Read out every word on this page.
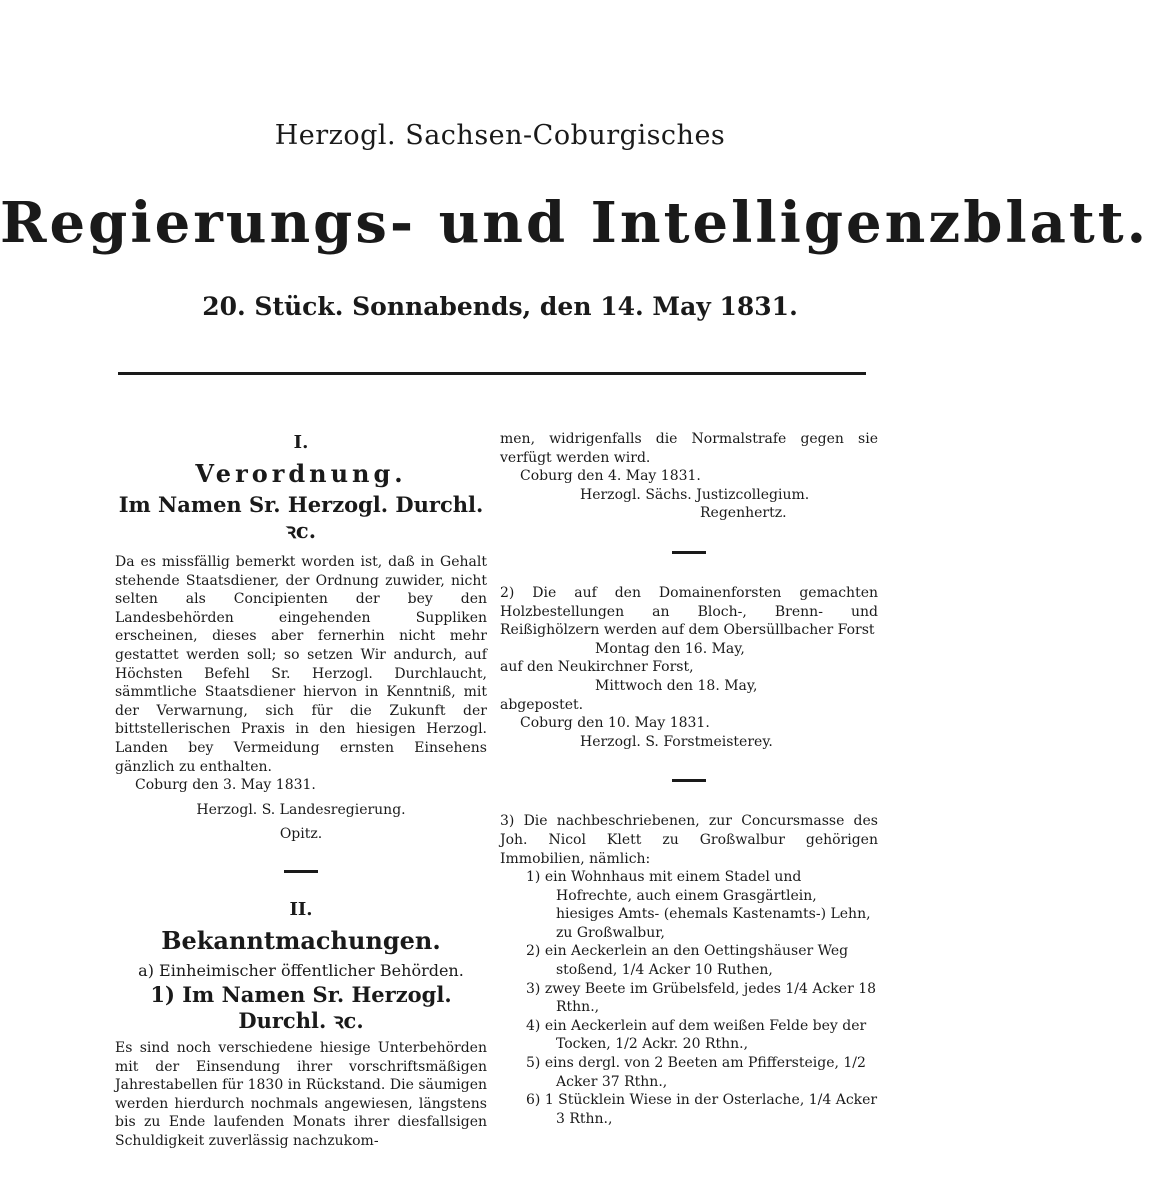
Herzogl. Sachsen-Coburgisches
Regierungs- und Intelligenzblatt.
20. Stück. Sonnabends, den 14. May 1831.

I.

Verordnung.

Im Namen Sr. Herzogl. Durchl. ꝛc.

Da es missfällig bemerkt worden ist, daß in Gehalt stehende Staatsdiener, der Ordnung zuwider, nicht selten als Concipienten der bey den Landesbehörden eingehenden Suppliken erscheinen, dieses aber fernerhin nicht mehr gestattet werden soll; so setzen Wir andurch, auf Höchsten Befehl Sr. Herzogl. Durchlaucht, sämmtliche Staatsdiener hiervon in Kenntniß, mit der Verwarnung, sich für die Zukunft der bittstellerischen Praxis in den hiesigen Herzogl. Landen bey Vermeidung ernsten Einsehens gänzlich zu enthalten.

Coburg den 3. May 1831.

Herzogl. S. Landesregierung.

Opitz.

II.

Bekanntmachungen.

a) Einheimischer öffentlicher Behörden.

1) Im Namen Sr. Herzogl. Durchl. ꝛc.

Es sind noch verschiedene hiesige Unterbehörden mit der Einsendung ihrer vorschriftsmäßigen Jahrestabellen für 1830 in Rückstand. Die säumigen werden hierdurch nochmals angewiesen, längstens bis zu Ende laufenden Monats ihrer diesfallsigen Schuldigkeit zuverlässig nachzukom-

men, widrigenfalls die Normalstrafe gegen sie verfügt werden wird.

Coburg den 4. May 1831.

Herzogl. Sächs. Justizcollegium.

Regenhertz.

2) Die auf den Domainenforsten gemachten Holzbestellungen an Bloch-, Brenn- und Reißighölzern werden auf dem Obersüllbacher Forst

Montag den 16. May,

auf den Neukirchner Forst,

Mittwoch den 18. May,

abgepostet.

Coburg den 10. May 1831.

Herzogl. S. Forstmeisterey.

3) Die nachbeschriebenen, zur Concursmasse des Joh. Nicol Klett zu Großwalbur gehörigen Immobilien, nämlich:

1) ein Wohnhaus mit einem Stadel und Hofrechte, auch einem Grasgärtlein, hiesiges Amts- (ehemals Kastenamts-) Lehn, zu Großwalbur,
2) ein Aeckerlein an den Oettingshäuser Weg stoßend, 1/4 Acker 10 Ruthen,
3) zwey Beete im Grübelsfeld, jedes 1/4 Acker 18 Rthn.,
4) ein Aeckerlein auf dem weißen Felde bey der Tocken, 1/2 Ackr. 20 Rthn.,
5) eins dergl. von 2 Beeten am Pfiffersteige, 1/2 Acker 37 Rthn.,
6) 1 Stücklein Wiese in der Osterlache, 1/4 Acker 3 Rthn.,
